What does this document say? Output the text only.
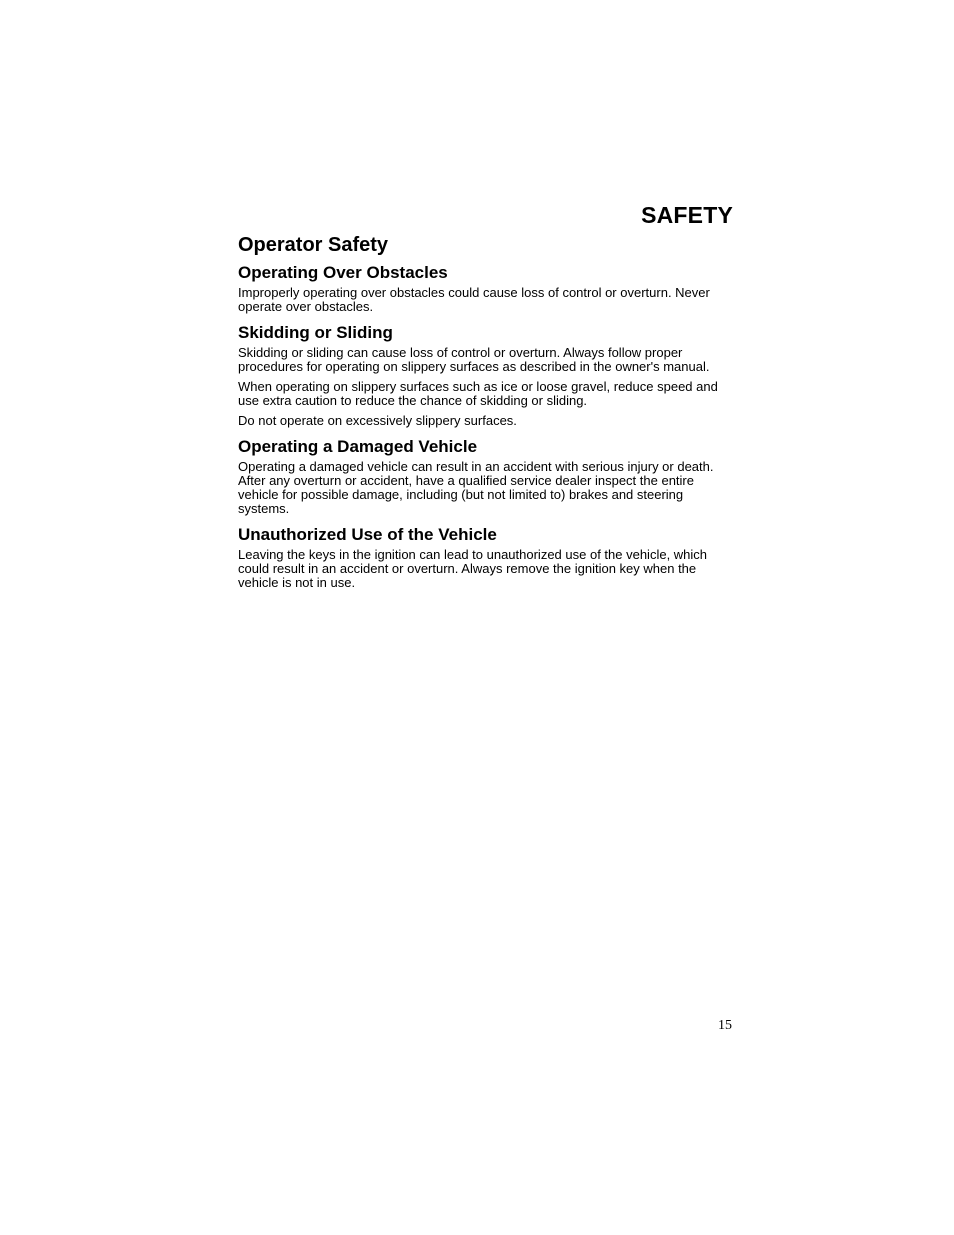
SAFETY
Operator Safety
Operating Over Obstacles

Improperly operating over obstacles could cause loss of control or overturn. Never operate over obstacles.

Skidding or Sliding

Skidding or sliding can cause loss of control or overturn. Always follow proper procedures for operating on slippery surfaces as described in the owner's manual.

When operating on slippery surfaces such as ice or loose gravel, reduce speed and use extra caution to reduce the chance of skidding or sliding.

Do not operate on excessively slippery surfaces.

Operating a Damaged Vehicle

Operating a damaged vehicle can result in an accident with serious injury or death. After any overturn or accident, have a qualified service dealer inspect the entire vehicle for possible damage, including (but not limited to) brakes and steering systems.

Unauthorized Use of the Vehicle

Leaving the keys in the ignition can lead to unauthorized use of the vehicle, which could result in an accident or overturn. Always remove the ignition key when the vehicle is not in use.

15
